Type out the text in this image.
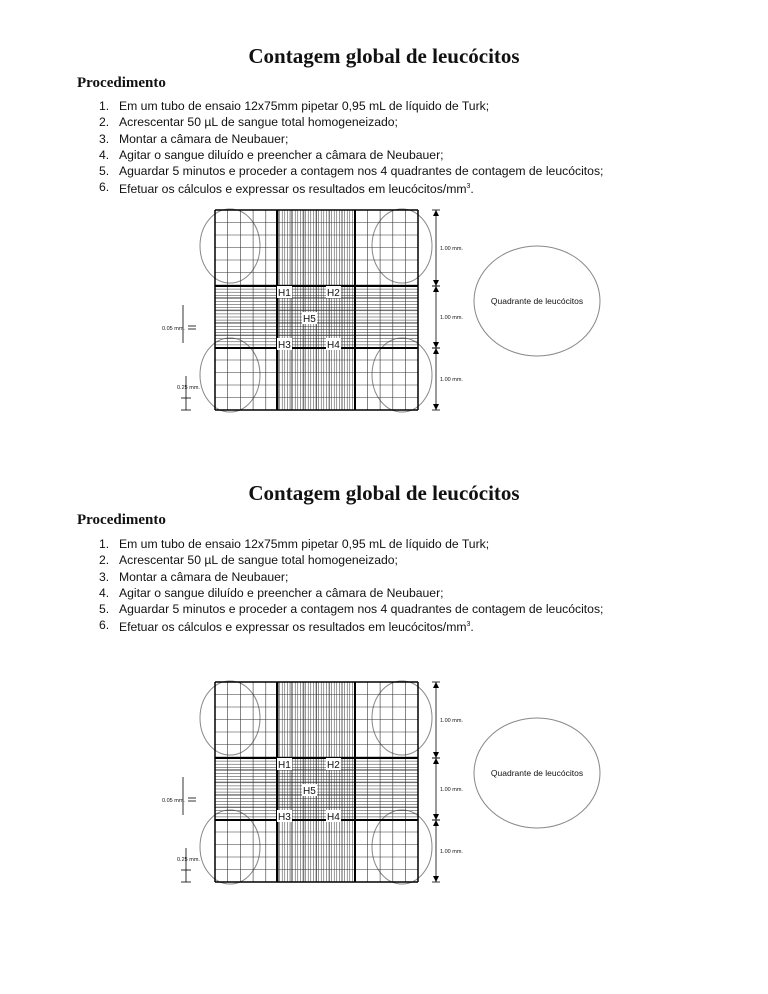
Contagem global de leucócitos
Procedimento
1. Em um tubo de ensaio 12x75mm pipetar 0,95 mL de líquido de Turk;
2. Acrescentar 50 µL de sangue total homogeneizado;
3. Montar a câmara de Neubauer;
4. Agitar o sangue diluído e preencher a câmara de Neubauer;
5. Aguardar 5 minutos e proceder a contagem nos 4 quadrantes de contagem de leucócitos;
6. Efetuar os cálculos e expressar os resultados em leucócitos/$mm^3$.
H1	H2
H3	H4
H5
1.00 mm.
1.00 mm.
1.00 mm.
0.05 mm.
0.25 mm.
Quadrante de leucócitos
Contagem global de leucócitos
Procedimento
1. Em um tubo de ensaio 12x75mm pipetar 0,95 mL de líquido de Turk;
2. Acrescentar 50 µL de sangue total homogeneizado;
3. Montar a câmara de Neubauer;
4. Agitar o sangue diluído e preencher a câmara de Neubauer;
5. Aguardar 5 minutos e proceder a contagem nos 4 quadrantes de contagem de leucócitos;
6. Efetuar os cálculos e expressar os resultados em leucócitos/$mm^3$.
H1	H2
H3	H4
H5
1.00 mm.
1.00 mm.
1.00 mm.
0.05 mm.
0.25 mm.
Quadrante de leucócitos
